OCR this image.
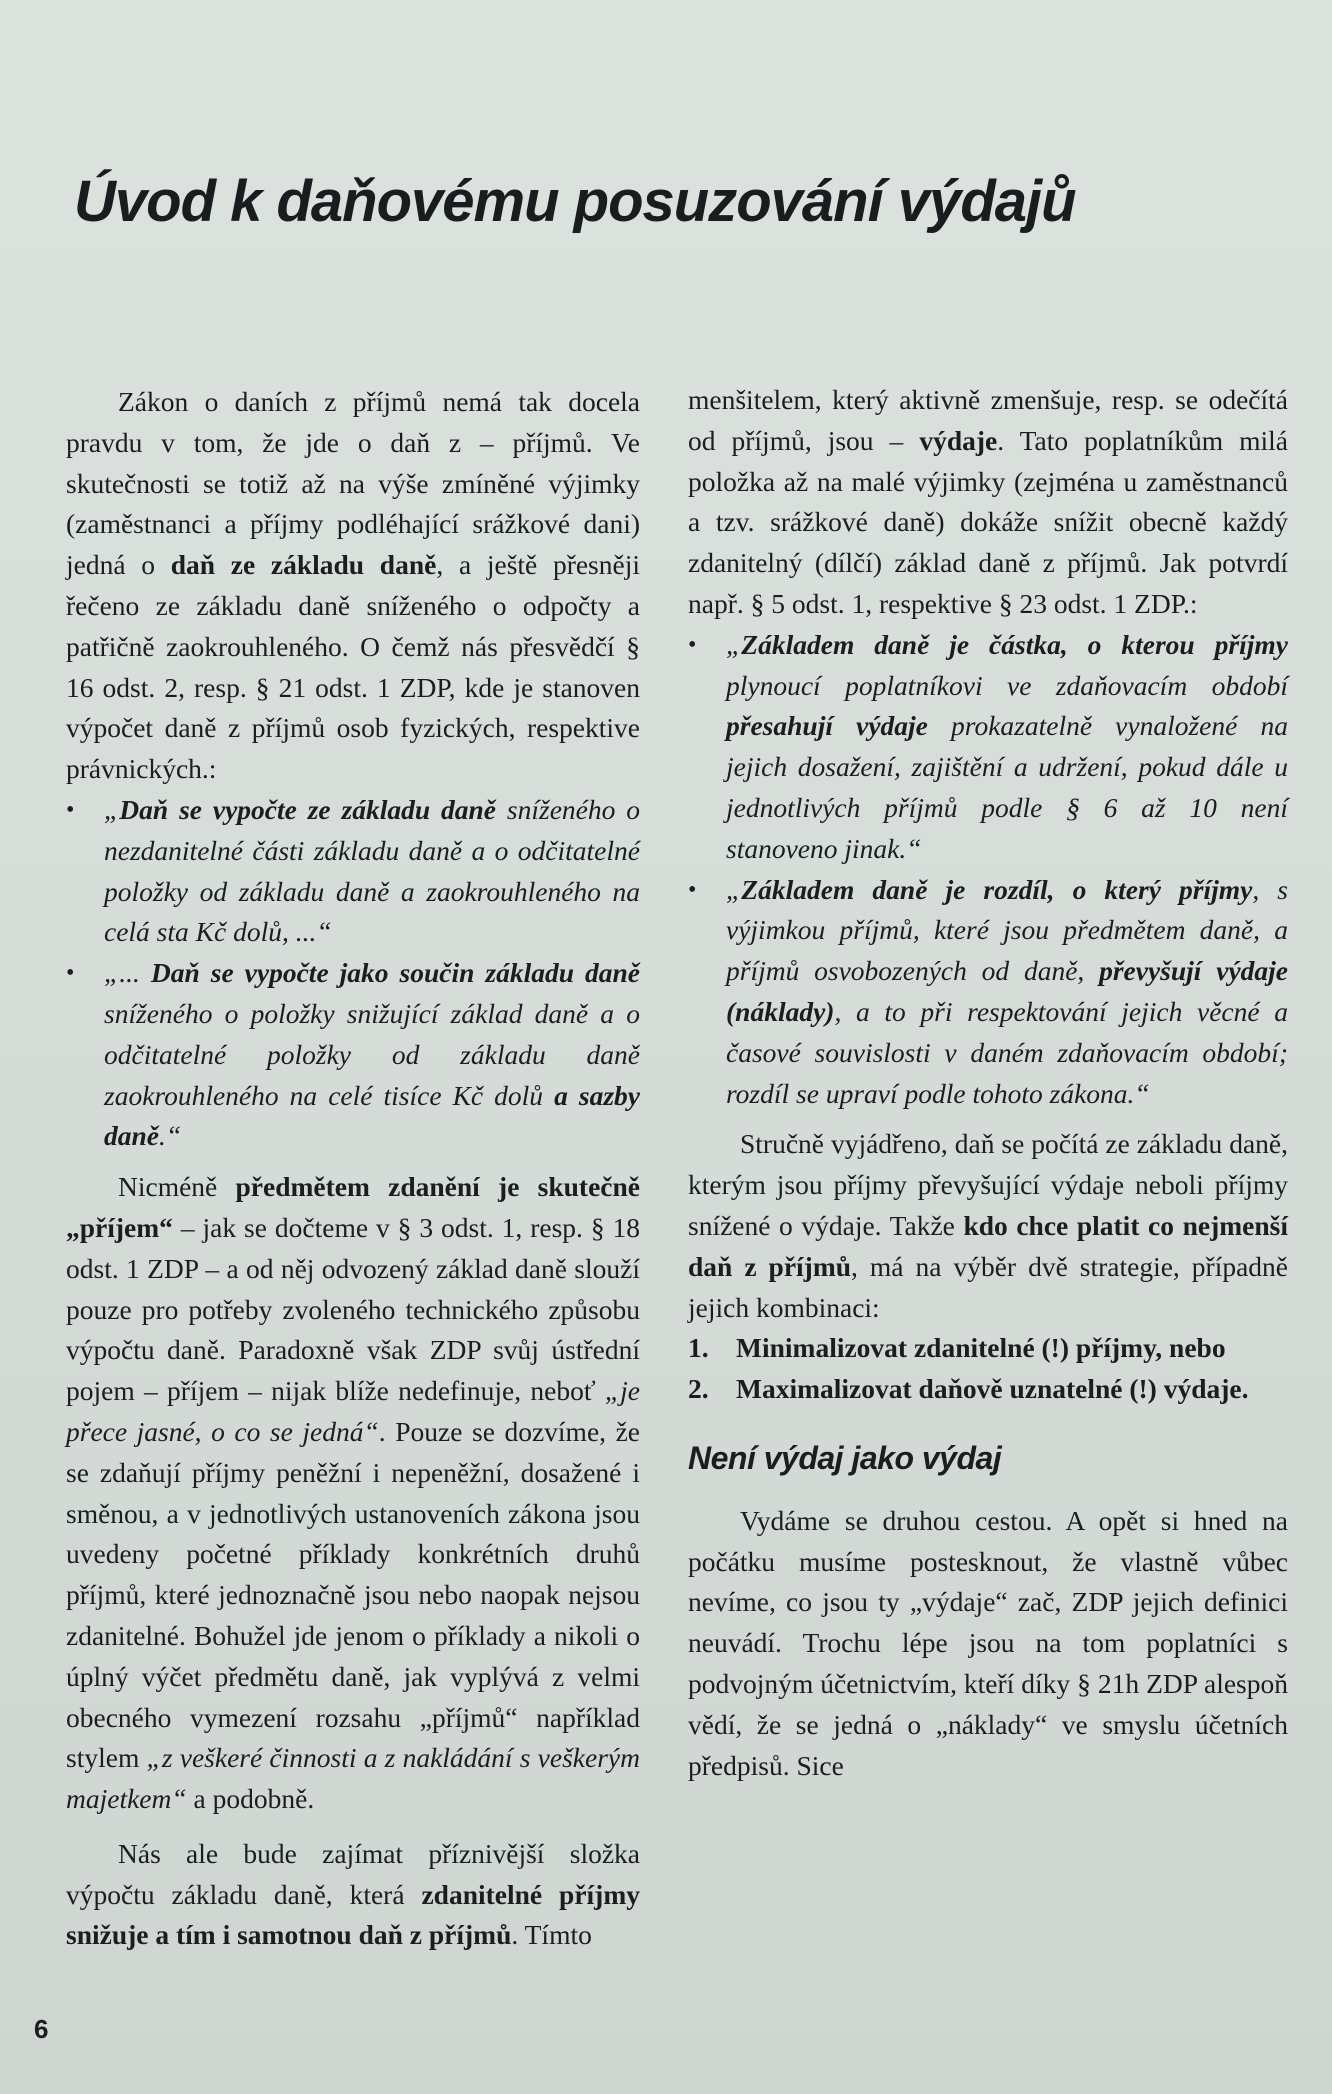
Úvod k daňovému posuzování výdajů

Zákon o daních z příjmů nemá tak docela pravdu v tom, že jde o daň z – příjmů. Ve skutečnosti se totiž až na výše zmíněné výjimky (zaměstnanci a příjmy podléhající srážkové dani) jedná o daň ze základu daně, a ještě přesněji řečeno ze základu daně sníženého o odpočty a patřičně zaokrouhleného. O čemž nás přesvědčí § 16 odst. 2, resp. § 21 odst. 1 ZDP, kde je stanoven výpočet daně z příjmů osob fyzických, respektive právnických.:

• „Daň se vypočte ze základu daně sníženého o nezdanitelné části základu daně a o odčitatelné položky od základu daně a zaokrouhleného na celá sta Kč dolů, ...“

• „... Daň se vypočte jako součin základu daně sníženého o položky snižující základ daně a o odčitatelné položky od základu daně zaokrouhleného na celé tisíce Kč dolů a sazby daně.“

Nicméně předmětem zdanění je skutečně „příjem“ – jak se dočteme v § 3 odst. 1, resp. § 18 odst. 1 ZDP – a od něj odvozený základ daně slouží pouze pro potřeby zvoleného technického způsobu výpočtu daně. Paradoxně však ZDP svůj ústřední pojem – příjem – nijak blíže nedefinuje, neboť „je přece jasné, o co se jedná“. Pouze se dozvíme, že se zdaňují příjmy peněžní i nepeněžní, dosažené i směnou, a v jednotlivých ustanoveních zákona jsou uvedeny početné příklady konkrétních druhů příjmů, které jednoznačně jsou nebo naopak nejsou zdanitelné. Bohužel jde jenom o příklady a nikoli o úplný výčet předmětu daně, jak vyplývá z velmi obecného vymezení rozsahu „příjmů“ například stylem „z veškeré činnosti a z nakládání s veškerým majetkem“ a podobně.

Nás ale bude zajímat příznivější složka výpočtu základu daně, která zdanitelné příjmy snižuje a tím i samotnou daň z příjmů. Tímto

menšitelem, který aktivně zmenšuje, resp. se odečítá od příjmů, jsou – výdaje. Tato poplatníkům milá položka až na malé výjimky (zejména u zaměstnanců a tzv. srážkové daně) dokáže snížit obecně každý zdanitelný (dílčí) základ daně z příjmů. Jak potvrdí např. § 5 odst. 1, respektive § 23 odst. 1 ZDP.:

• „Základem daně je částka, o kterou příjmy plynoucí poplatníkovi ve zdaňovacím období přesahují výdaje prokazatelně vynaložené na jejich dosažení, zajištění a udržení, pokud dále u jednotlivých příjmů podle § 6 až 10 není stanoveno jinak.“

• „Základem daně je rozdíl, o který příjmy, s výjimkou příjmů, které jsou předmětem daně, a příjmů osvobozených od daně, převyšují výdaje (náklady), a to při respektování jejich věcné a časové souvislosti v daném zdaňovacím období; rozdíl se upraví podle tohoto zákona.“

Stručně vyjádřeno, daň se počítá ze základu daně, kterým jsou příjmy převyšující výdaje neboli příjmy snížené o výdaje. Takže kdo chce platit co nejmenší daň z příjmů, má na výběr dvě strategie, případně jejich kombinaci:

1. Minimalizovat zdanitelné (!) příjmy, nebo

2. Maximalizovat daňově uznatelné (!) výdaje.

Není výdaj jako výdaj

Vydáme se druhou cestou. A opět si hned na počátku musíme postesknout, že vlastně vůbec nevíme, co jsou ty „výdaje“ zač, ZDP jejich definici neuvádí. Trochu lépe jsou na tom poplatníci s podvojným účetnictvím, kteří díky § 21h ZDP alespoň vědí, že se jedná o „náklady“ ve smyslu účetních předpisů. Sice

6
